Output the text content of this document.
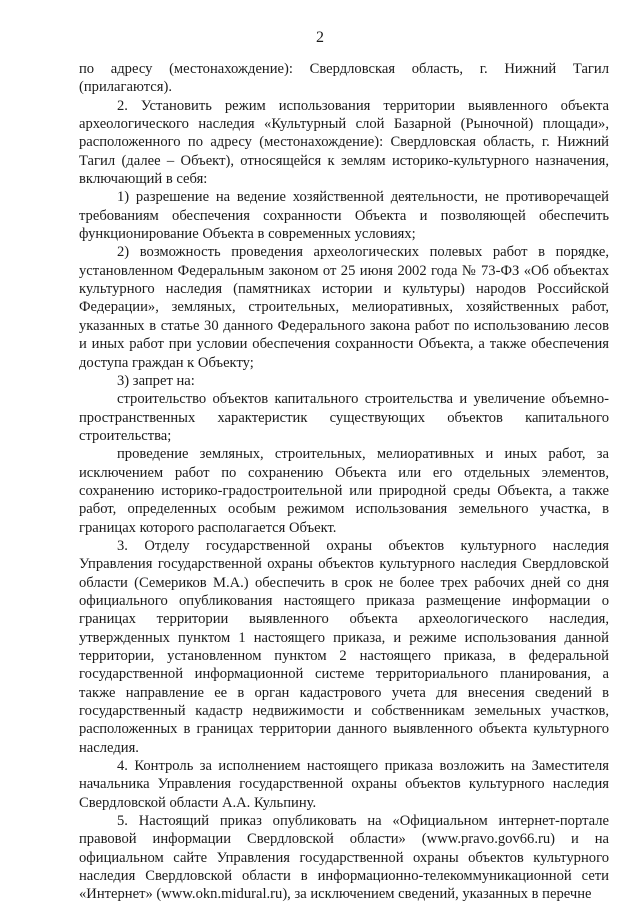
2

по адресу (местонахождение): Свердловская область, г. Нижний Тагил (прилагаются).

2. Установить режим использования территории выявленного объекта археологического наследия «Культурный слой Базарной (Рыночной) площади», расположенного по адресу (местонахождение): Свердловская область, г. Нижний Тагил (далее – Объект), относящейся к землям историко-культурного назначения, включающий в себя:

1) разрешение на ведение хозяйственной деятельности, не противоречащей требованиям обеспечения сохранности Объекта и позволяющей обеспечить функционирование Объекта в современных условиях;

2) возможность проведения археологических полевых работ в порядке, установленном Федеральным законом от 25 июня 2002 года № 73-ФЗ «Об объектах культурного наследия (памятниках истории и культуры) народов Российской Федерации», земляных, строительных, мелиоративных, хозяйственных работ, указанных в статье 30 данного Федерального закона работ по использованию лесов и иных работ при условии обеспечения сохранности Объекта, а также обеспечения доступа граждан к Объекту;

3) запрет на:

строительство объектов капитального строительства и увеличение объемно-пространственных характеристик существующих объектов капитального строительства;

проведение земляных, строительных, мелиоративных и иных работ, за исключением работ по сохранению Объекта или его отдельных элементов, сохранению историко-градостроительной или природной среды Объекта, а также работ, определенных особым режимом использования земельного участка, в границах которого располагается Объект.

3. Отделу государственной охраны объектов культурного наследия Управления государственной охраны объектов культурного наследия Свердловской области (Семериков М.А.) обеспечить в срок не более трех рабочих дней со дня официального опубликования настоящего приказа размещение информации о границах территории выявленного объекта археологического наследия, утвержденных пунктом 1 настоящего приказа, и режиме использования данной территории, установленном пунктом 2 настоящего приказа, в федеральной государственной информационной системе территориального планирования, а также направление ее в орган кадастрового учета для внесения сведений в государственный кадастр недвижимости и собственникам земельных участков, расположенных в границах территории данного выявленного объекта культурного наследия.

4. Контроль за исполнением настоящего приказа возложить на Заместителя начальника Управления государственной охраны объектов культурного наследия Свердловской области А.А. Кульпину.

5. Настоящий приказ опубликовать на «Официальном интернет-портале правовой информации Свердловской области» (www.pravo.gov66.ru) и на официальном сайте Управления государственной охраны объектов культурного наследия Свердловской области в информационно-телекоммуникационной сети «Интернет» (www.okn.midural.ru), за исключением сведений, указанных в перечне
